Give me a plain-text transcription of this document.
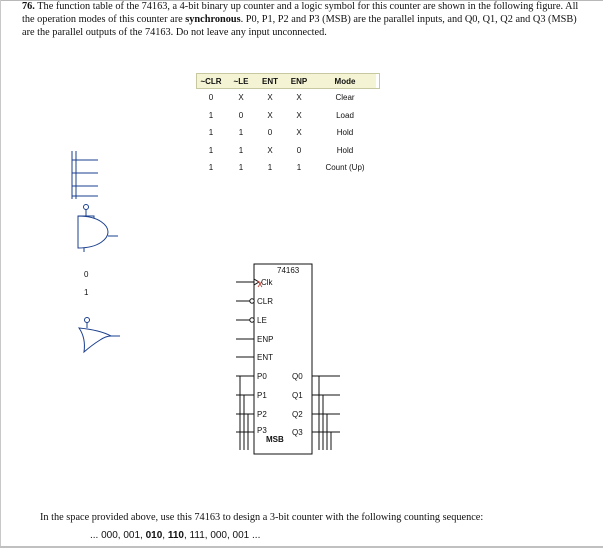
76. The function table of the 74163, a 4-bit binary up counter and a logic symbol for this counter are shown in the following figure. All the operation modes of this counter are synchronous. P0, P1, P2 and P3 (MSB) are the parallel inputs, and Q0, Q1, Q2 and Q3 (MSB) are the parallel outputs of the 74163. Do not leave any input unconnected.
~CLR	~LE	ENT	ENP	Mode
0	X	X	X	Clear
1	0	X	X	Load
1	1	0	X	Hold
1	1	X	0	Hold
1	1	1	1	Count (Up)
0
1
74163
Clk
CLR
LE
ENP
ENT
P0
P1
P2
P3
Q0
Q1
Q2
Q3
MSB
In the space provided above, use this 74163 to design a 3-bit counter with the following counting sequence:
... 000, 001, 010, 110, 111, 000, 001 ...
